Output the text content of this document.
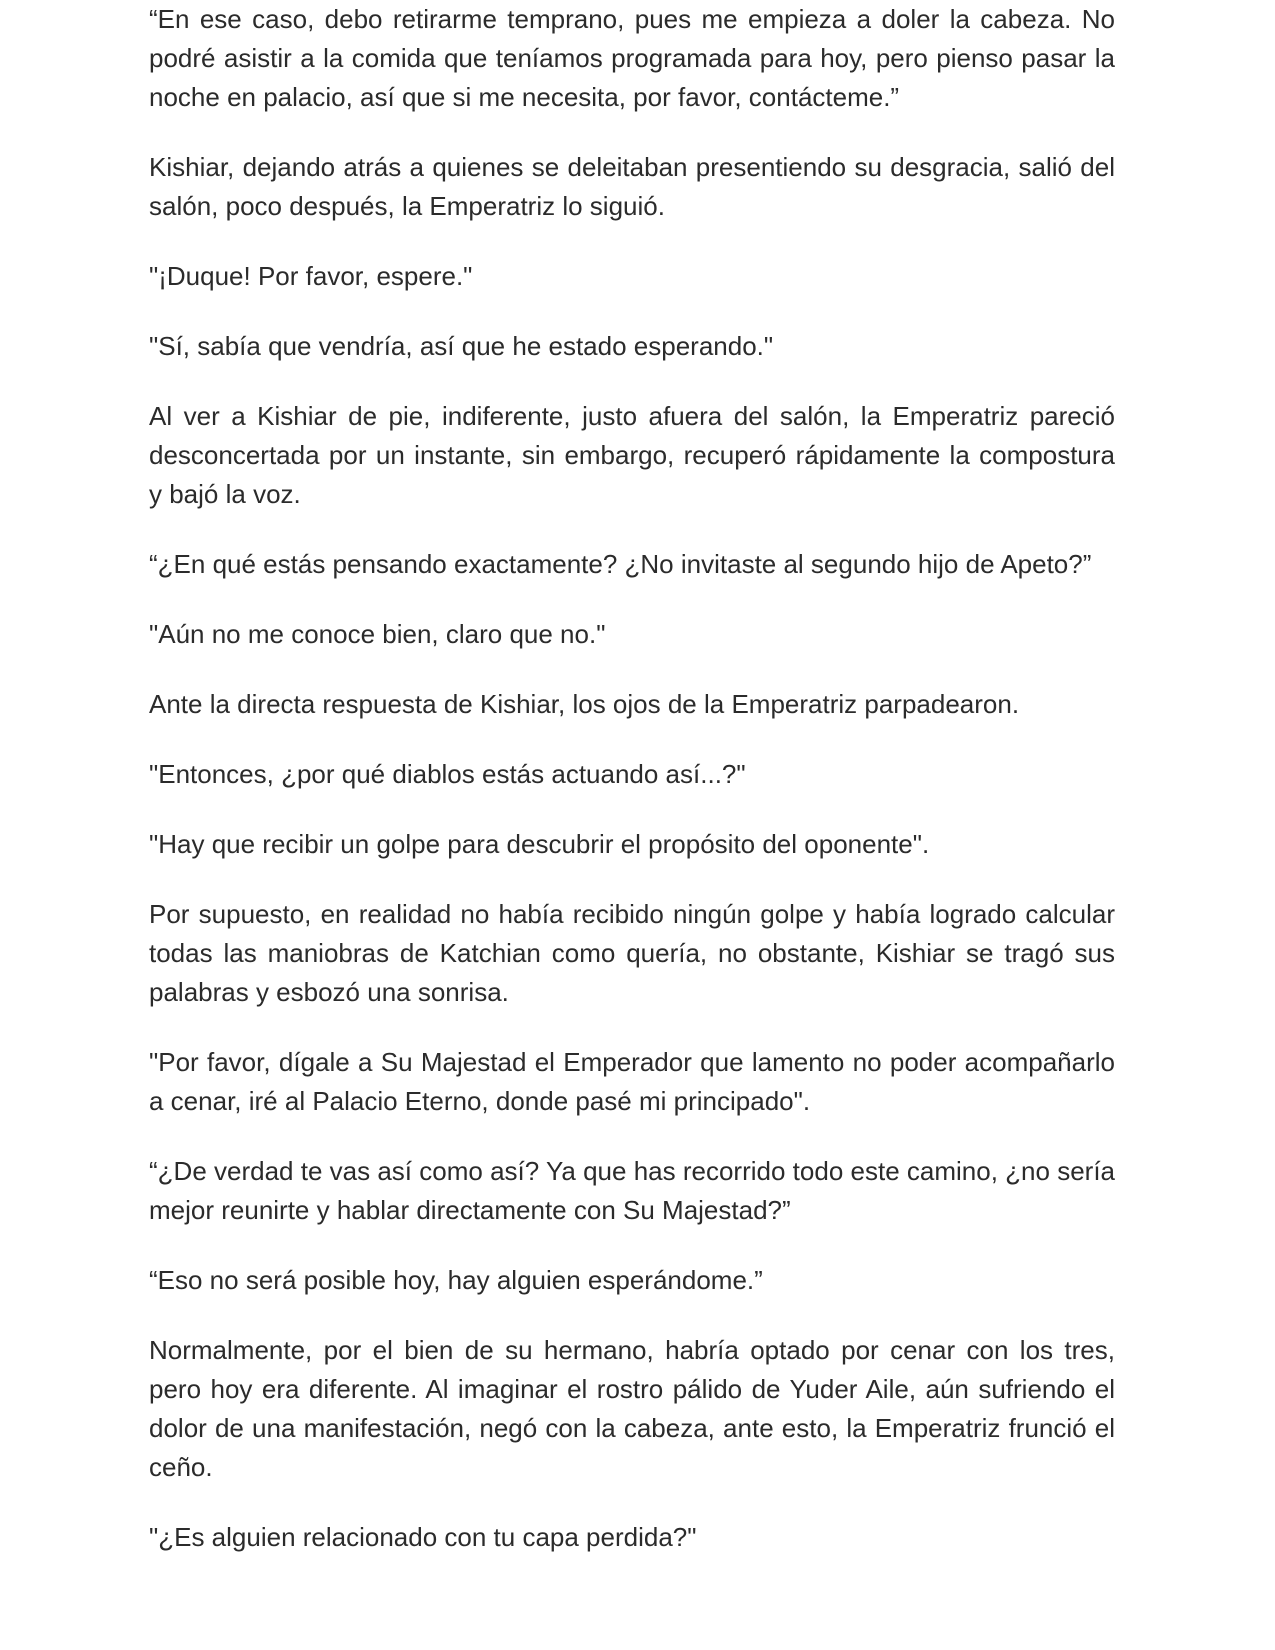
“En ese caso, debo retirarme temprano, pues me empieza a doler la cabeza. No podré asistir a la comida que teníamos programada para hoy, pero pienso pasar la noche en palacio, así que si me necesita, por favor, contácteme.”

Kishiar, dejando atrás a quienes se deleitaban presentiendo su desgracia, salió del salón, poco después, la Emperatriz lo siguió.

"¡Duque! Por favor, espere."

"Sí, sabía que vendría, así que he estado esperando."

Al ver a Kishiar de pie, indiferente, justo afuera del salón, la Emperatriz pareció desconcertada por un instante, sin embargo, recuperó rápidamente la compostura y bajó la voz.

“¿En qué estás pensando exactamente? ¿No invitaste al segundo hijo de Apeto?”

"Aún no me conoce bien, claro que no."

Ante la directa respuesta de Kishiar, los ojos de la Emperatriz parpadearon.

"Entonces, ¿por qué diablos estás actuando así...?"

"Hay que recibir un golpe para descubrir el propósito del oponente".

Por supuesto, en realidad no había recibido ningún golpe y había logrado calcular todas las maniobras de Katchian como quería, no obstante, Kishiar se tragó sus palabras y esbozó una sonrisa.

"Por favor, dígale a Su Majestad el Emperador que lamento no poder acompañarlo a cenar, iré al Palacio Eterno, donde pasé mi principado".

“¿De verdad te vas así como así? Ya que has recorrido todo este camino, ¿no sería mejor reunirte y hablar directamente con Su Majestad?”

“Eso no será posible hoy, hay alguien esperándome.”

Normalmente, por el bien de su hermano, habría optado por cenar con los tres, pero hoy era diferente. Al imaginar el rostro pálido de Yuder Aile, aún sufriendo el dolor de una manifestación, negó con la cabeza, ante esto, la Emperatriz frunció el ceño.

"¿Es alguien relacionado con tu capa perdida?"
